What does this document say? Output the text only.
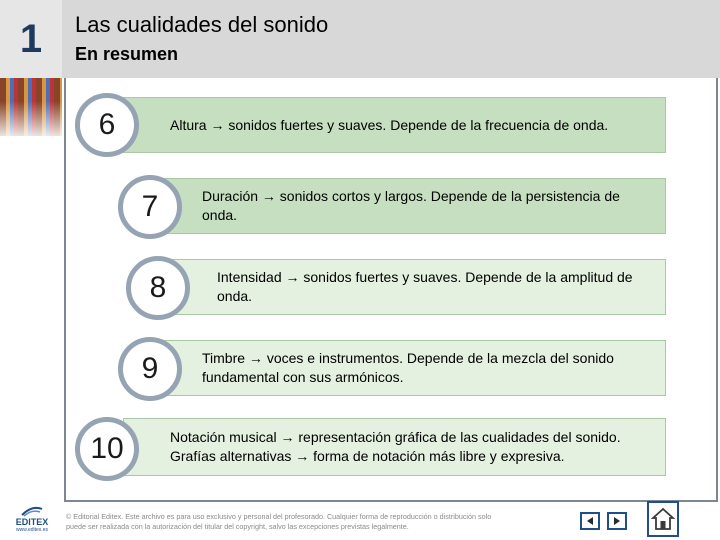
1	Las cualidades del sonido
En resumen
Altura → sonidos fuertes y suaves. Depende de la frecuencia de onda.
6
Duración → sonidos cortos y largos. Depende de la persistencia de onda.
7
Intensidad → sonidos fuertes y suaves. Depende de la amplitud de onda.
8
Timbre → voces e instrumentos. Depende de la mezcla del sonido fundamental con sus armónicos.
9
Notación musical → representación gráfica de las cualidades del sonido. Grafías alternativas → forma de notación más libre y expresiva.
10
EDITEX
www.editex.es
© Editorial Editex. Este archivo es para uso exclusivo y personal del profesorado. Cualquier forma de reproducción o distribución solo puede ser realizada con la autorización del titular del copyright, salvo las excepciones previstas legalmente.
